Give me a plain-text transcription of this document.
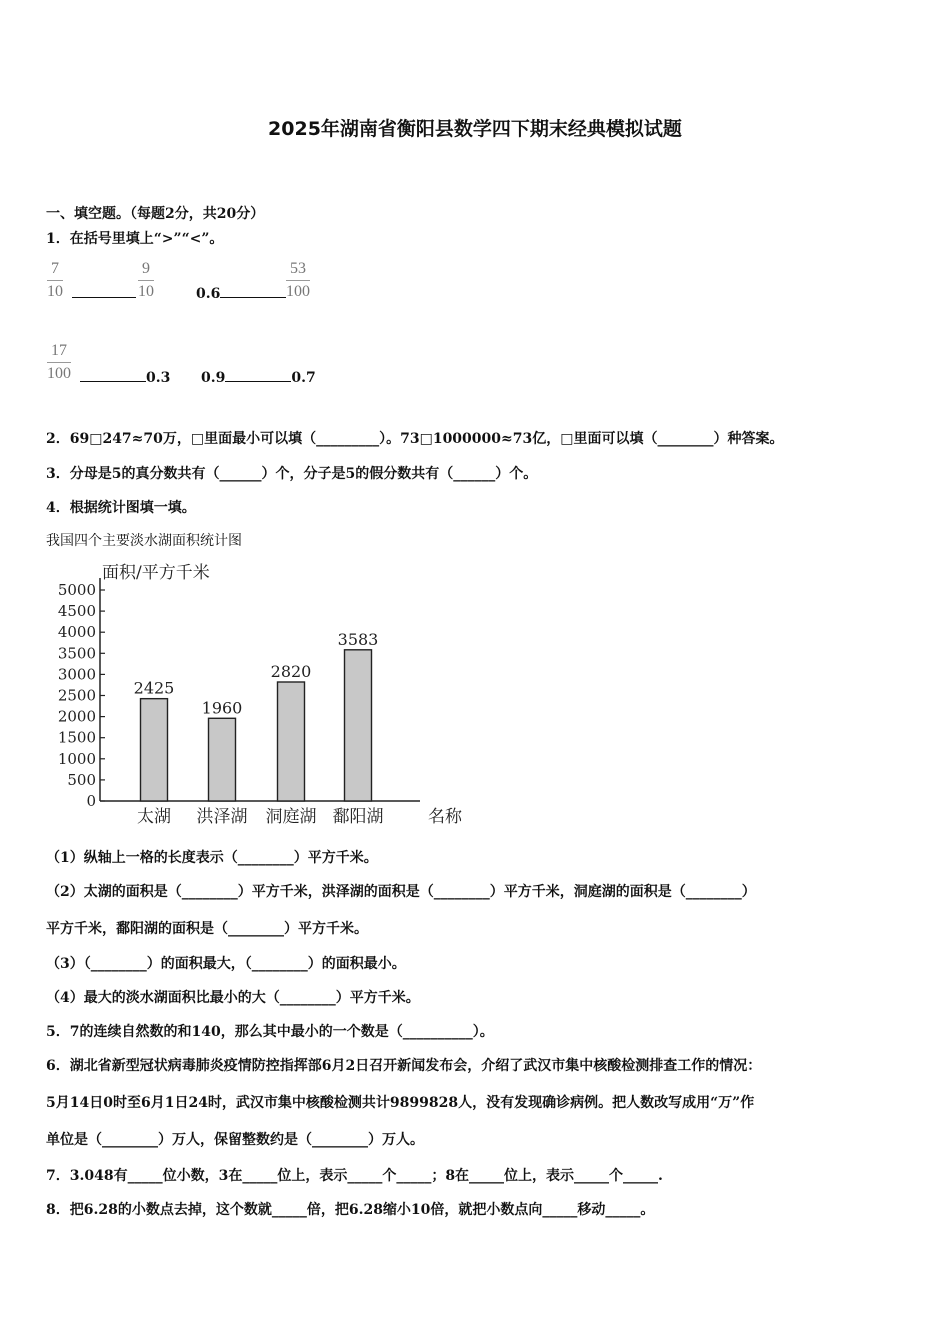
2025年湖南省衡阳县数学四下期末经典模拟试题
一、填空题。（每题2分，共20分）
1．在括号里填上“>”“<”。
$\frac{7}{10}$	$\frac{9}{10}$	0.6	$\frac{53}{100}$
$\frac{17}{100}$	0.3 0.9	0.7
2．69□247≈70万，□里面最小可以填（_________）。73□1000000≈73亿，□里面可以填（________）种答案。
3．分母是5的真分数共有（______）个，分子是5的假分数共有（______）个。
4．根据统计图填一填。
我国四个主要淡水湖面积统计图
面积/平方千米
名称
0
500
1000
1500
2000
2500
3000
3500
4000
4500
5000
2425
太湖
1960
洪泽湖
2820
洞庭湖
3583
鄱阳湖
（1）纵轴上一格的长度表示（________）平方千米。
（2）太湖的面积是（________）平方千米，洪泽湖的面积是（________）平方千米，洞庭湖的面积是（________）
平方千米，鄱阳湖的面积是（________）平方千米。
（3）（________）的面积最大，（________）的面积最小。
（4）最大的淡水湖面积比最小的大（________）平方千米。
5．7的连续自然数的和140，那么其中最小的一个数是（__________）。
6．湖北省新型冠状病毒肺炎疫情防控指挥部6月2日召开新闻发布会，介绍了武汉市集中核酸检测排查工作的情况：
5月14日0时至6月1日24时，武汉市集中核酸检测共计9899828人，没有发现确诊病例。把人数改写成用“万”作
单位是（________）万人，保留整数约是（________）万人。
7．3.048有_____位小数，3在_____位上，表示_____个_____；8在_____位上，表示_____个_____.
8．把6.28的小数点去掉，这个数就_____倍，把6.28缩小10倍，就把小数点向_____移动_____。
